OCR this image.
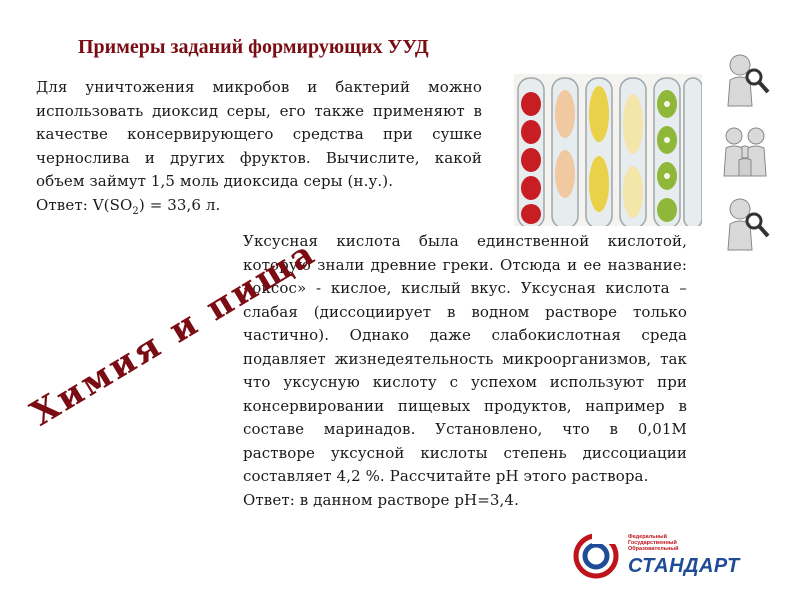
Примеры заданий формирующих УУД

Для уничтожения микробов и бактерий можно использовать диоксид серы, его также применяют в качестве консервирующего средства при сушке чернослива и других фруктов. Вычислите, какой объем займут 1,5 моль диоксида серы (н.у.).

Ответ: $V(SO_2) = 33,6$ л.

Уксусная кислота была единственной кислотой, которую знали древние греки. Отсюда и ее название: «оксос» - кислое, кислый вкус. Уксусная кислота – слабая (диссоциирует в водном растворе только частично). Однако даже слабокислотная среда подавляет жизнедеятельность микроорганизмов, так что уксусную кислоту с успехом используют при консервировании пищевых продуктов, например в составе маринадов. Установлено, что в 0,01М растворе уксусной кислоты степень диссоциации составляет 4,2 %. Рассчитайте pH этого раствора.

Ответ: в данном растворе pH=3,4.
Химия и пища
Федеральный
Государственный
Образовательный
СТАНДАРТ
